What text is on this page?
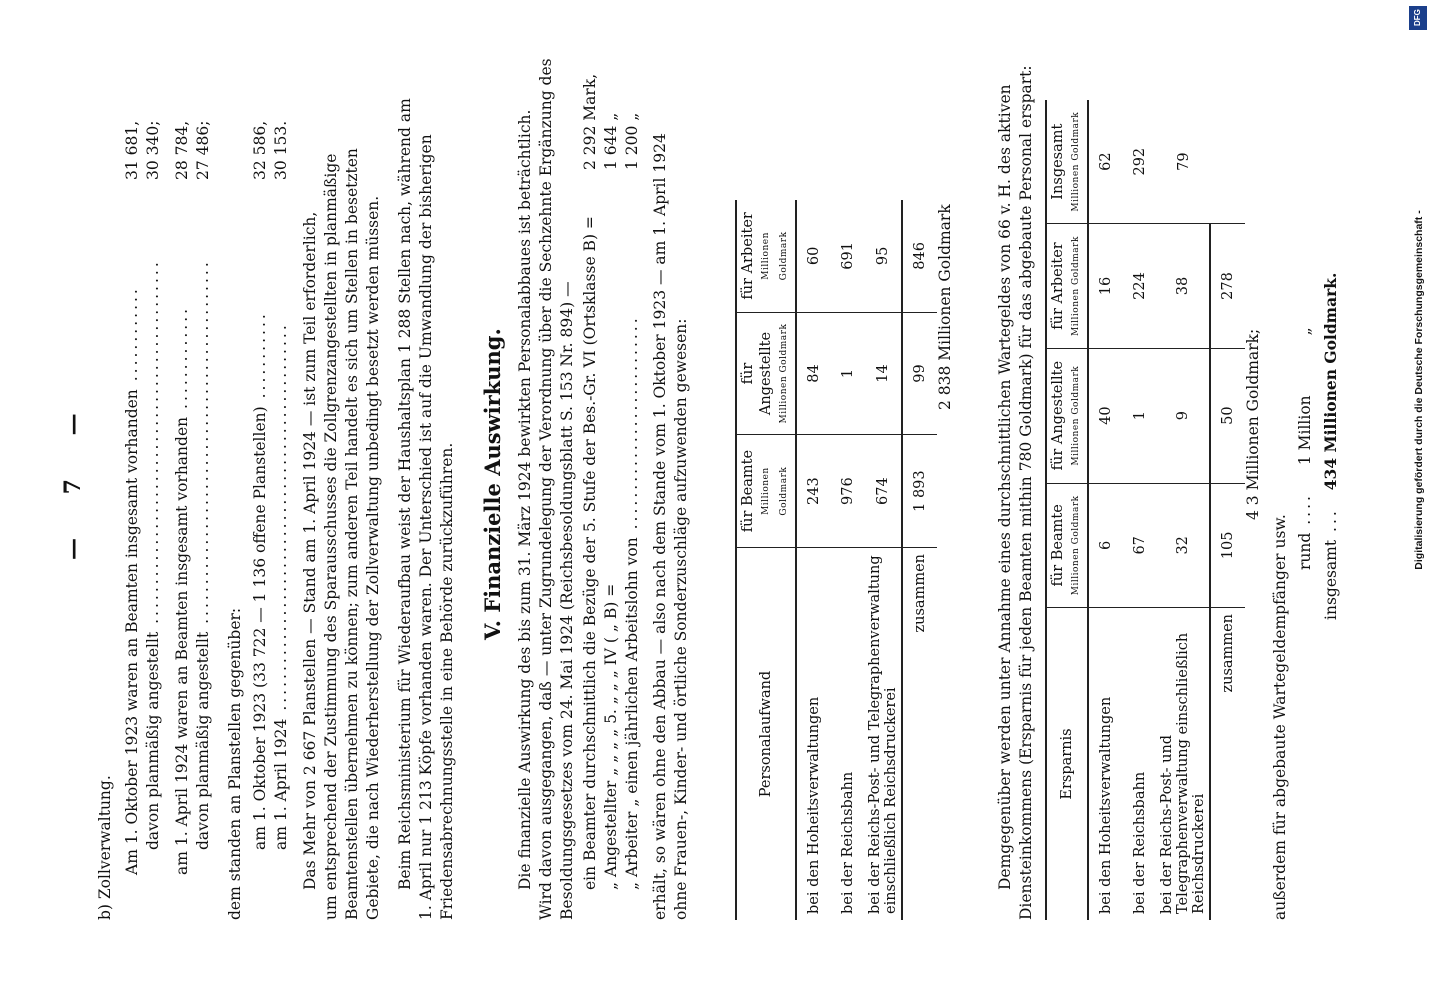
— 7 —
b) Zollverwaltung. Am 1. Oktober 1923 waren an Beamten insgesamt vorhanden ............
31 681,
davon planmäßig angestellt ..............................................
30 340;
am 1. April 1924 waren an Beamten insgesamt vorhanden .............
28 784,
davon planmäßig angestellt ..............................................
27 486;
dem standen an Planstellen gegenüber: am 1. Oktober 1923 (33 722 — 1 136 offene Planstellen) ...........
32 586,
am 1. April 1924 .................................................
30 153.
Das Mehr von 2 667 Planstellen — Stand am 1. April 1924 — ist zum Teil erforderlich, um entsprechend der Zustimmung des Sparausschusses die Zollgrenzangestellten in planmäßige Beamtenstellen übernehmen zu können; zum anderen Teil handelt es sich um Stellen in besetzten Gebiete, die nach Wiederherstellung der Zollverwaltung unbedingt besetzt werden müssen. Beim Reichsministerium für Wiederaufbau weist der Haushaltsplan 1 288 Stellen nach, während am 1. April nur 1 213 Köpfe vorhanden waren. Der Unterschied ist auf die Umwandlung der bisherigen Friedensabrechnungsstelle in eine Behörde zurückzuführen. V. Finanzielle Auswirkung. Die finanzielle Auswirkung des bis zum 31. März 1924 bewirkten Personalabbaues ist beträchtlich. Wird davon ausgegangen, daß — unter Zugrundelegung der Verordnung über die Sechzehnte Ergänzung des Besoldungsgesetzes vom 24. Mai 1924 (Reichsbesoldungsblatt S. 153 Nr. 894) — ein Beamter durchschnittlich die Bezüge der 5. Stufe der Bes.-Gr. VI (Ortsklasse B) =
2 292 Mark,
„ Angestellter „ „ „ „ 5. „ „ „ IV ( „ B) =
1 644 „
„ Arbeiter „ einen jährlichen Arbeitslohn von ...........................
1 200 „ erhält, so wären ohne den Abbau — also nach dem Stande vom 1. Oktober 1923 — am 1. April 1924 ohne Frauen-, Kinder- und örtliche Sonderzuschläge aufzuwenden gewesen:	Personalaufwand	für Beamte Millionen Goldmark	für Angestellte Millionen Goldmark	für Arbeiter Millionen Goldmark

bei den Hoheitsverwaltungen	243	84	60
bei der Reichsbahn	976	1	691
bei der Reichs-Post- und Telegraphenverwaltung einschließlich Reichsdruckerei	674	14	95
zusammen	1 893	99	846 2 838 Millionen Goldmark	Demgegenüber werden unter Annahme eines durchschnittlichen Wartegeldes von 66 v. H. des aktiven Diensteinkommens (Ersparnis für jeden Beamten mithin 780 Goldmark) für das abgebaute Personal erspart: Ersparnis	für Beamte Millionen Goldmark	für Angestellte Millionen Goldmark	für Arbeiter Millionen Goldmark	Insgesamt Millionen Goldmark

bei den Hoheitsverwaltungen	6	40	16	62
bei der Reichsbahn	67	1	224	292
bei der Reichs-Post- und Telegraphenverwaltung einschließlich Reichsdruckerei	32	9	38	79
zusammen	105	50	278	
4 3 Millionen Goldmark;
außerdem für abgebaute Wartegeldempfänger usw. rund .... 1 Million„
insgesamt ... 434 Millionen Goldmark.
DFG
Digitalisierung gefördert durch die Deutsche Forschungsgemeinschaft -
